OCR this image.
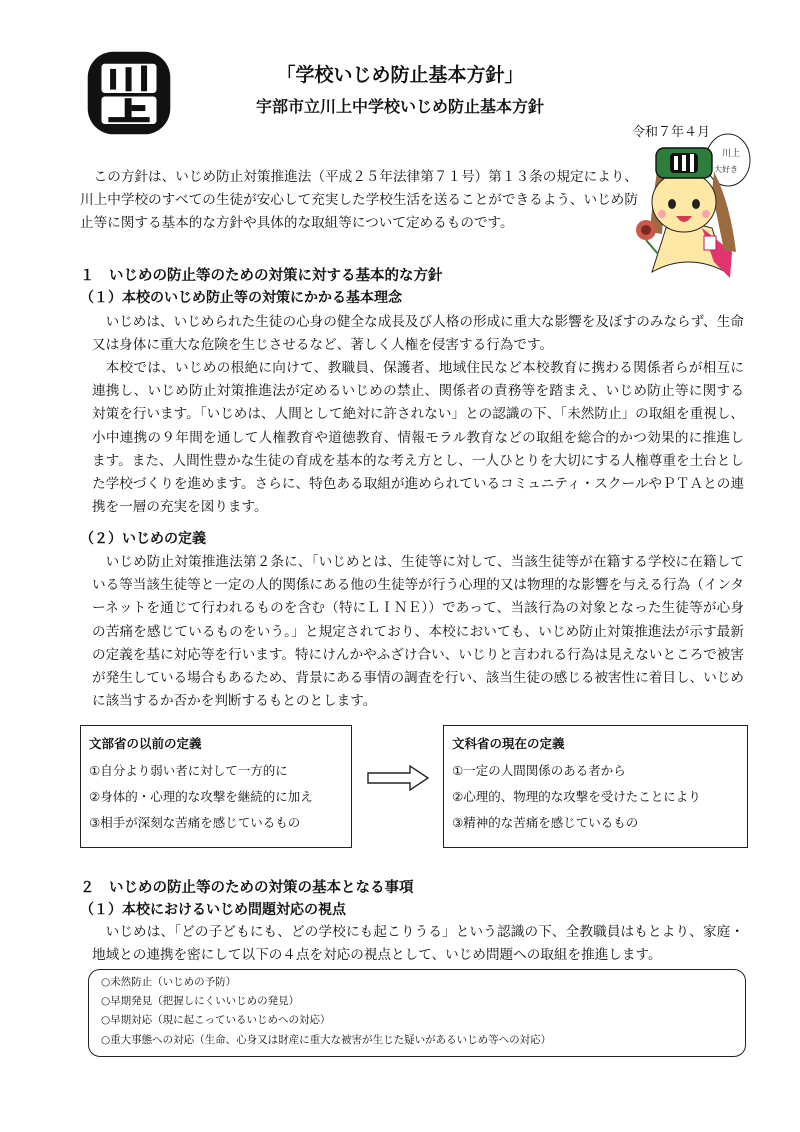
「学校いじめ防止基本方針」
宇部市立川上中学校いじめ防止基本方針
令和７年４月
川上
大好き
この方針は、いじめ防止対策推進法（平成２５年法律第７１号）第１３条の規定により、川上中学校のすべての生徒が安心して充実した学校生活を送ることができるよう、いじめ防止等に関する基本的な方針や具体的な取組等について定めるものです。
１　いじめの防止等のための対策に対する基本的な方針
（１）本校のいじめ防止等の対策にかかる基本理念
いじめは、いじめられた生徒の心身の健全な成長及び人格の形成に重大な影響を及ぼすのみならず、生命又は身体に重大な危険を生じさせるなど、著しく人権を侵害する行為です。
本校では、いじめの根絶に向けて、教職員、保護者、地域住民など本校教育に携わる関係者らが相互に連携し、いじめ防止対策推進法が定めるいじめの禁止、関係者の責務等を踏まえ、いじめ防止等に関する対策を行います。「いじめは、人間として絶対に許されない」との認識の下、「未然防止」の取組を重視し、小中連携の９年間を通して人権教育や道徳教育、情報モラル教育などの取組を総合的かつ効果的に推進します。また、人間性豊かな生徒の育成を基本的な考え方とし、一人ひとりを大切にする人権尊重を土台とした学校づくりを進めます。さらに、特色ある取組が進められているコミュニティ・スクールやＰＴＡとの連携を一層の充実を図ります。
（２）いじめの定義
いじめ防止対策推進法第２条に、「いじめとは、生徒等に対して、当該生徒等が在籍する学校に在籍している等当該生徒等と一定の人的関係にある他の生徒等が行う心理的又は物理的な影響を与える行為（インターネットを通じて行われるものを含む（特にＬＩＮＥ））であって、当該行為の対象となった生徒等が心身の苦痛を感じているものをいう。」と規定されており、本校においても、いじめ防止対策推進法が示す最新の定義を基に対応等を行います。特にけんかやふざけ合い、いじりと言われる行為は見えないところで被害が発生している場合もあるため、背景にある事情の調査を行い、該当生徒の感じる被害性に着目し、いじめに該当するか否かを判断するもとのとします。
文部省の以前の定義
①自分より弱い者に対して一方的に
②身体的・心理的な攻撃を継続的に加え
③相手が深刻な苦痛を感じているもの
文科省の現在の定義
①一定の人間関係のある者から
②心理的、物理的な攻撃を受けたことにより
③精神的な苦痛を感じているもの
２　いじめの防止等のための対策の基本となる事項
（１）本校におけるいじめ問題対応の視点
いじめは、「どの子どもにも、どの学校にも起こりうる」という認識の下、全教職員はもとより、家庭・地域との連携を密にして以下の４点を対応の視点として、いじめ問題への取組を推進します。
○未然防止（いじめの予防）
○早期発見（把握しにくいいじめの発見）
○早期対応（現に起こっているいじめへの対応）
○重大事態への対応（生命、心身又は財産に重大な被害が生じた疑いがあるいじめ等への対応）
